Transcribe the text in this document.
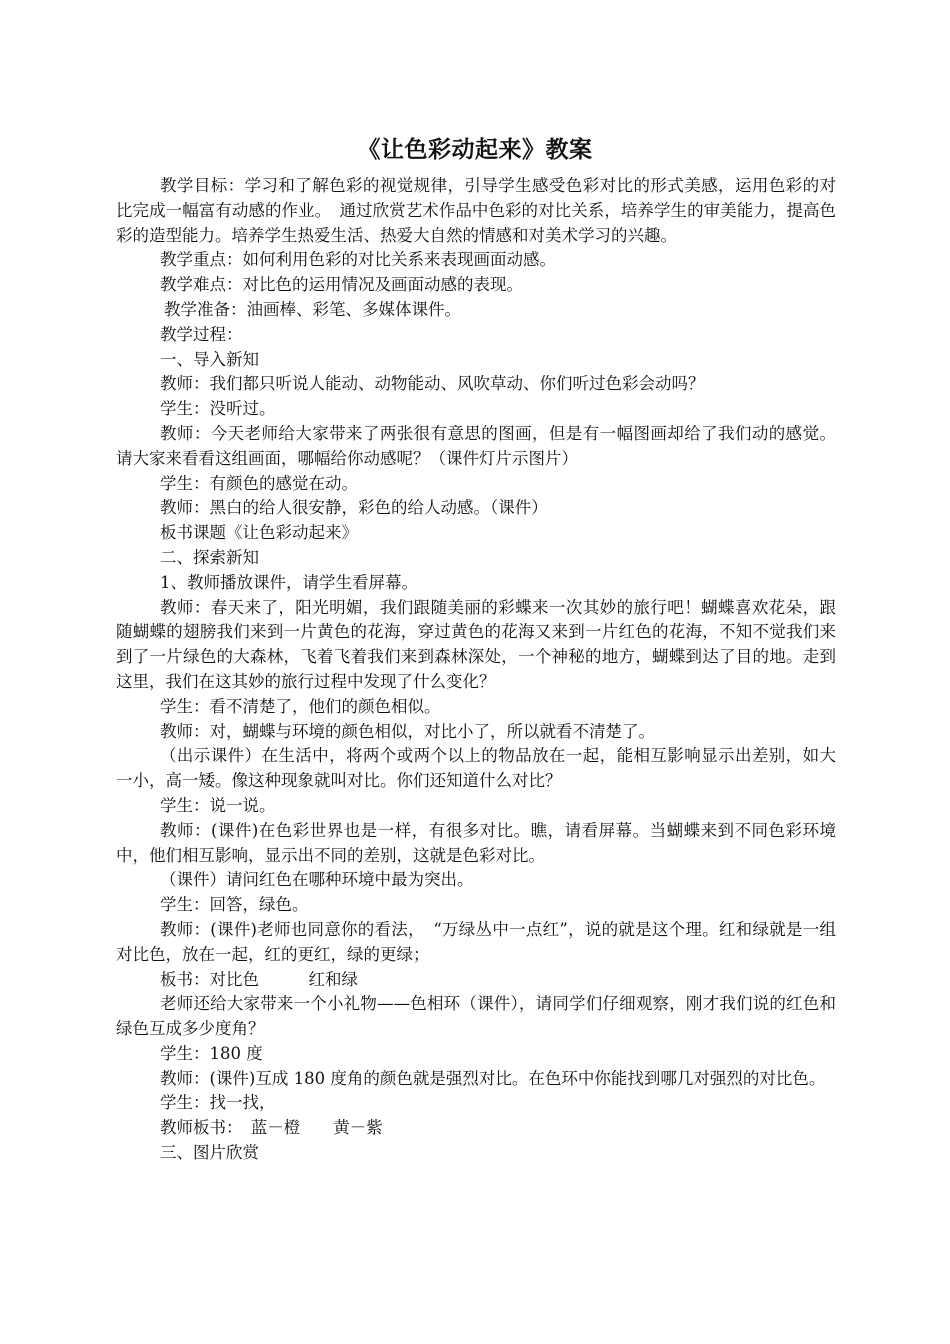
《让色彩动起来》教案

教学目标：学习和了解色彩的视觉规律，引导学生感受色彩对比的形式美感，运用色彩的对比完成一幅富有动感的作业。　通过欣赏艺术作品中色彩的对比关系，培养学生的审美能力，提高色彩的造型能力。培养学生热爱生活、热爱大自然的情感和对美术学习的兴趣。

教学重点：如何利用色彩的对比关系来表现画面动感。

教学难点：对比色的运用情况及画面动感的表现。

教学准备：油画棒、彩笔、多媒体课件。

教学过程：

一、导入新知

教师：我们都只听说人能动、动物能动、风吹草动、你们听过色彩会动吗？

学生：没听过。

教师：今天老师给大家带来了两张很有意思的图画，但是有一幅图画却给了我们动的感觉。请大家来看看这组画面，哪幅给你动感呢？（课件灯片示图片）

学生：有颜色的感觉在动。

教师：黑白的给人很安静，彩色的给人动感。（课件）

板书课题《让色彩动起来》

二、探索新知

1、教师播放课件，请学生看屏幕。

教师：春天来了，阳光明媚，我们跟随美丽的彩蝶来一次其妙的旅行吧！蝴蝶喜欢花朵，跟随蝴蝶的翅膀我们来到一片黄色的花海，穿过黄色的花海又来到一片红色的花海，不知不觉我们来到了一片绿色的大森林，飞着飞着我们来到森林深处，一个神秘的地方，蝴蝶到达了目的地。走到这里，我们在这其妙的旅行过程中发现了什么变化？

学生：看不清楚了，他们的颜色相似。

教师：对，蝴蝶与环境的颜色相似，对比小了，所以就看不清楚了。

（出示课件）在生活中，将两个或两个以上的物品放在一起，能相互影响显示出差别，如大一小，高一矮。像这种现象就叫对比。你们还知道什么对比？

学生：说一说。

教师：(课件)在色彩世界也是一样，有很多对比。瞧，请看屏幕。当蝴蝶来到不同色彩环境中，他们相互影响，显示出不同的差别，这就是色彩对比。

（课件）请问红色在哪种环境中最为突出。

学生：回答，绿色。

教师：(课件)老师也同意你的看法，　“万绿丛中一点红”，说的就是这个理。红和绿就是一组对比色，放在一起，红的更红，绿的更绿；

板书：对比色　　　红和绿

老师还给大家带来一个小礼物——色相环（课件），请同学们仔细观察，刚才我们说的红色和绿色互成多少度角？

学生：180 度

教师：(课件)互成 180 度角的颜色就是强烈对比。在色环中你能找到哪几对强烈的对比色。

学生：找一找，

教师板书：　蓝－橙　　黄－紫

三、图片欣赏
